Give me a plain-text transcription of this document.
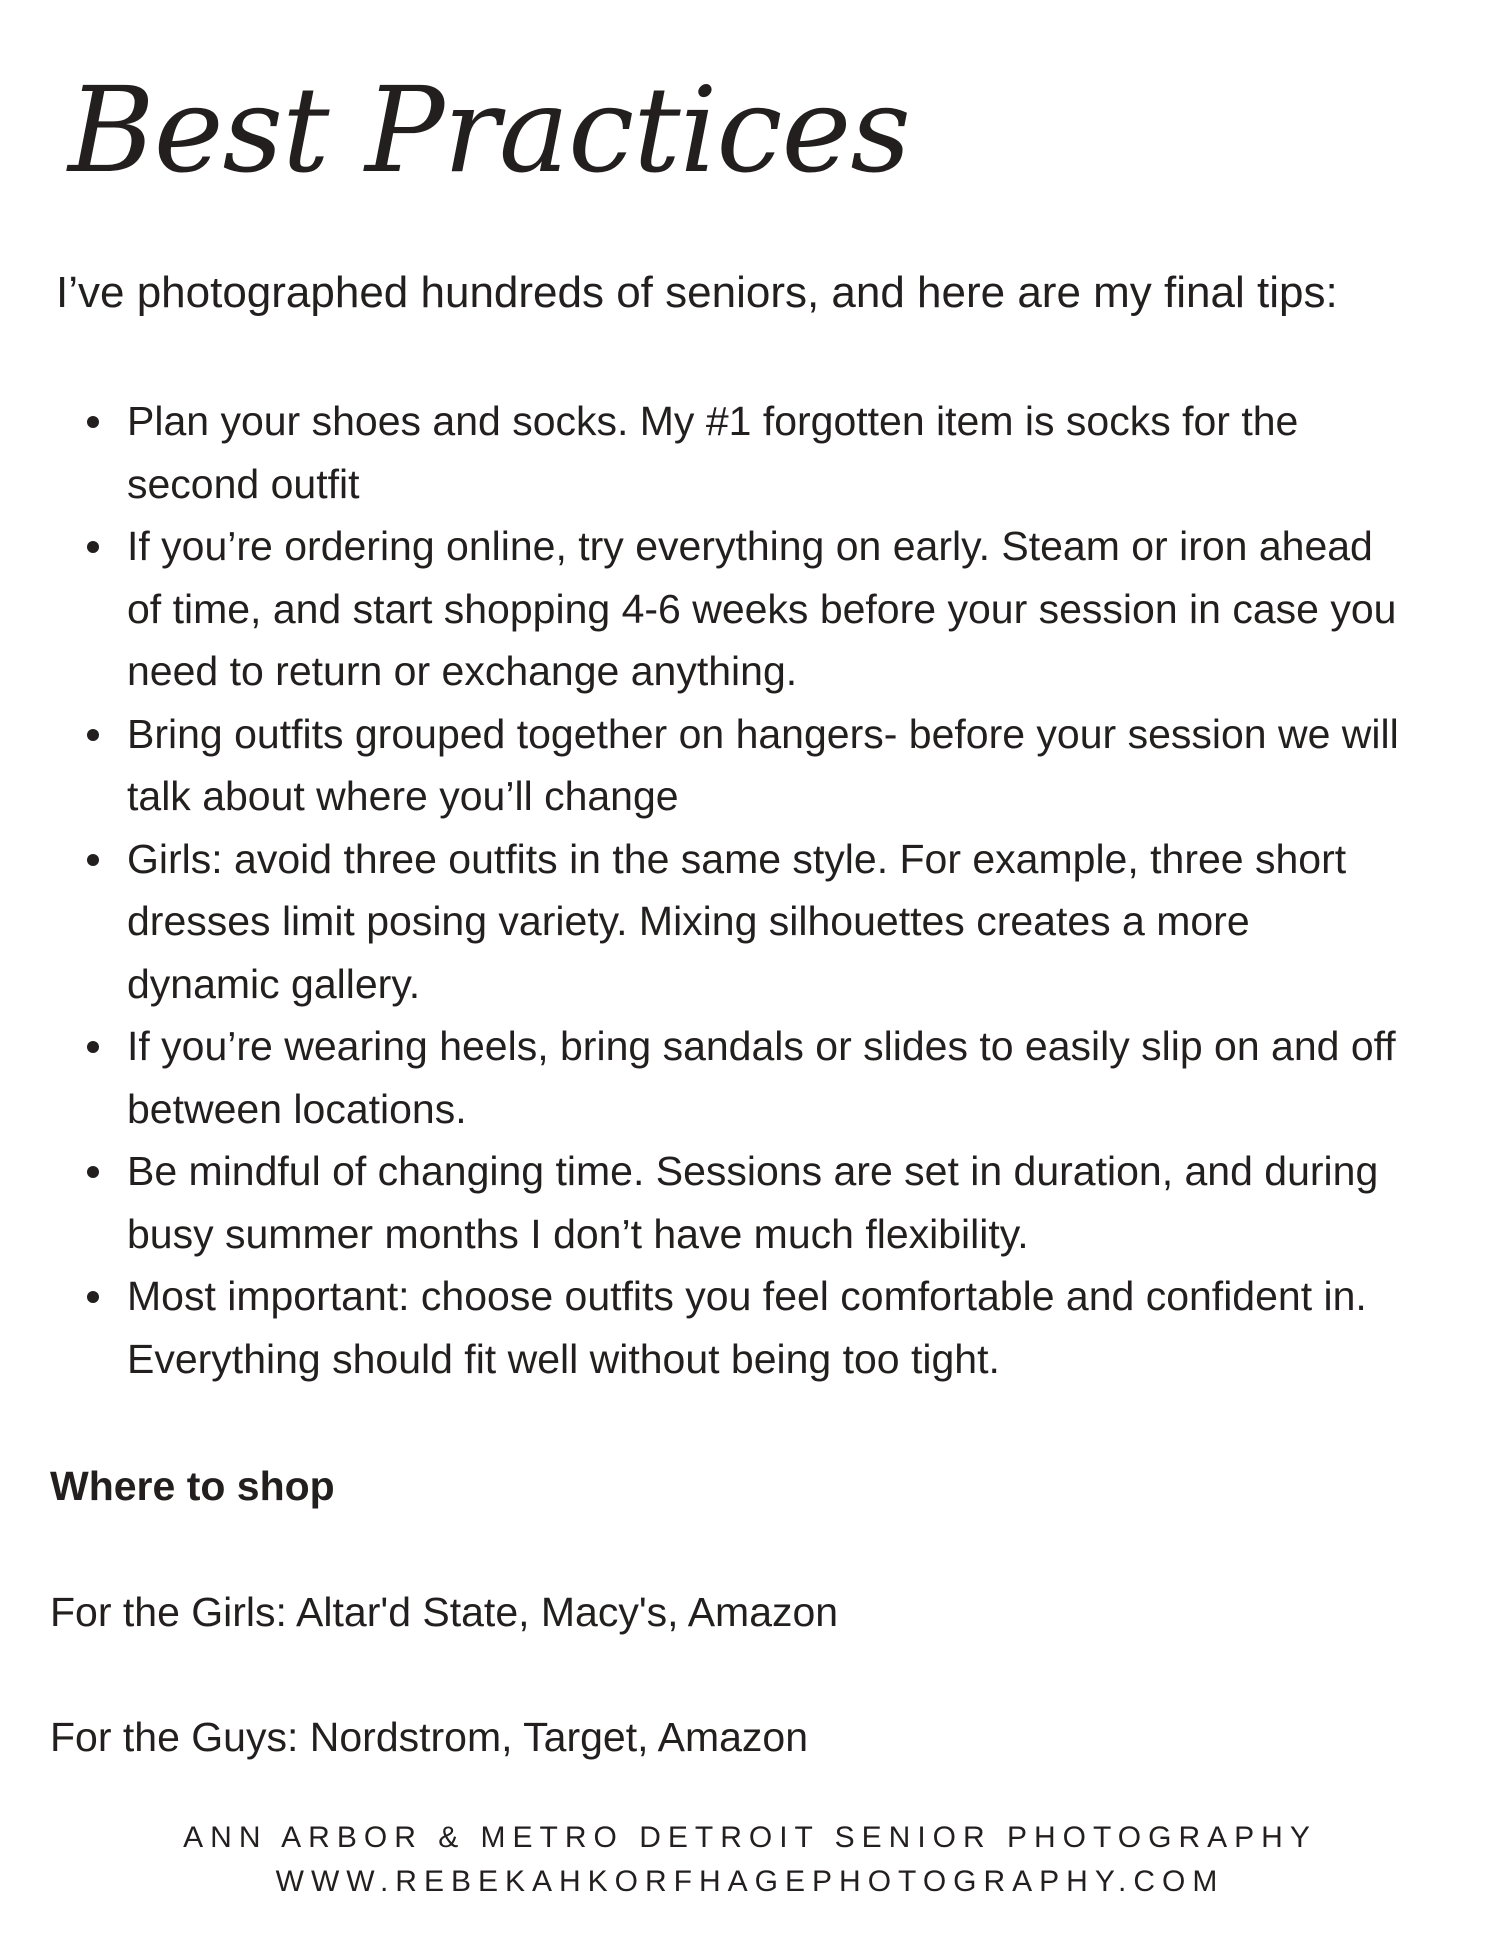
Best Practices

I’ve photographed hundreds of seniors, and here are my final tips:

Plan your shoes and socks. My #1 forgotten item is socks for the second outfit
If you’re ordering online, try everything on early. Steam or iron ahead of time, and start shopping 4-6 weeks before your session in case you need to return or exchange anything.
Bring outfits grouped together on hangers- before your session we will talk about where you’ll change
Girls: avoid three outfits in the same style. For example, three short dresses limit posing variety. Mixing silhouettes creates a more dynamic gallery.
If you’re wearing heels, bring sandals or slides to easily slip on and off between locations.
Be mindful of changing time. Sessions are set in duration, and during busy summer months I don’t have much flexibility.
Most important: choose outfits you feel comfortable and confident in. Everything should fit well without being too tight.
Where to shop

For the Girls: Altar'd State, Macy's, Amazon

For the Guys: Nordstrom, Target, Amazon

ANN ARBOR & METRO DETROIT SENIOR PHOTOGRAPHY

WWW.REBEKAHKORFHAGEPHOTOGRAPHY.COM
